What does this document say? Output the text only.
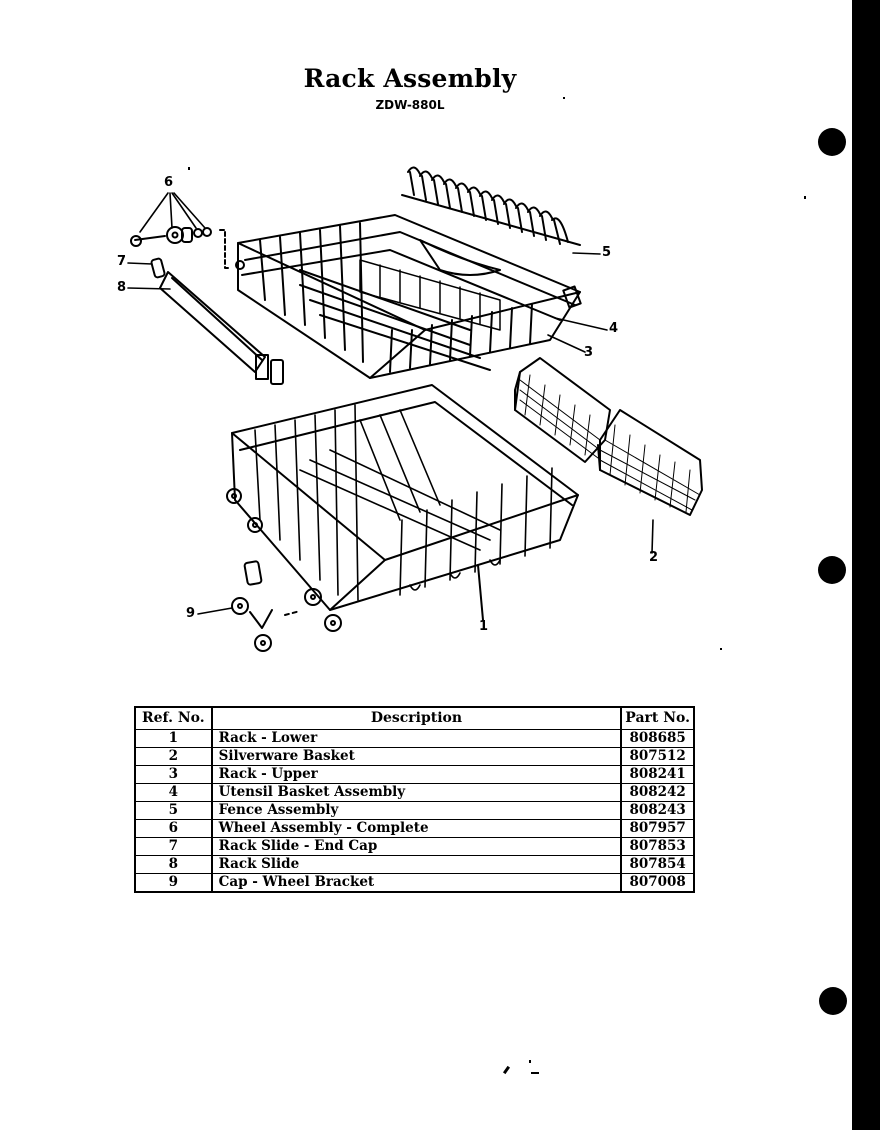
Rack Assembly
ZDW-880L
6
7
8
5
4
3
2
1
9
Ref. No.	Description	Part No.
1	Rack - Lower	808685
2	Silverware Basket	807512
3	Rack - Upper	808241
4	Utensil Basket Assembly	808242
5	Fence Assembly	808243
6	Wheel Assembly - Complete	807957
7	Rack Slide - End Cap	807853
8	Rack Slide	807854
9	Cap - Wheel Bracket	807008
